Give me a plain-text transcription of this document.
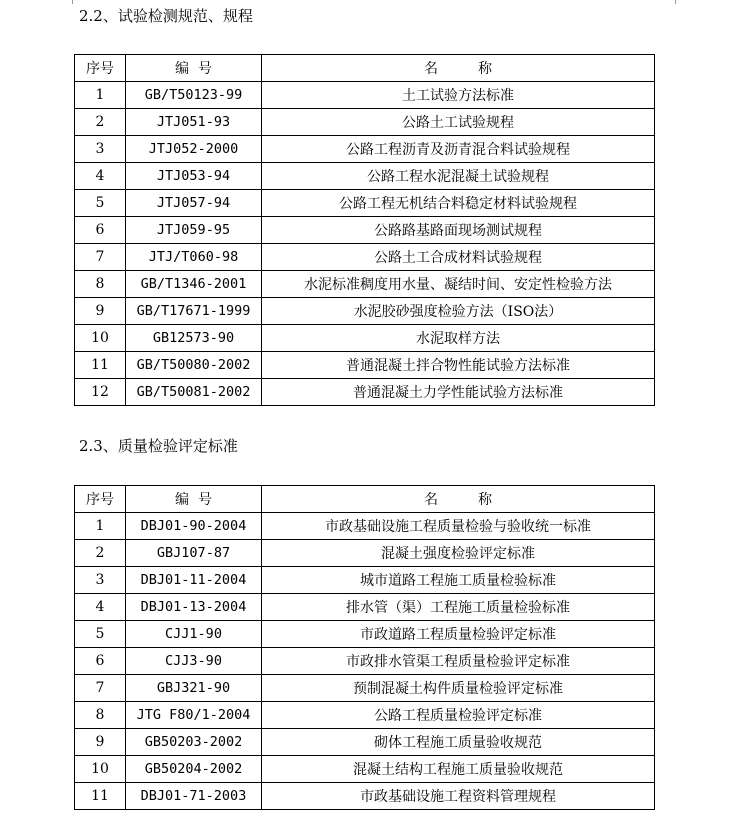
2.2、试验检测规范、规程
序号	编  号	名         称
1	GB/T50123-99	土工试验方法标准
2	JTJ051-93	公路土工试验规程
3	JTJ052-2000	公路工程沥青及沥青混合料试验规程
4	JTJ053-94	公路工程水泥混凝土试验规程
5	JTJ057-94	公路工程无机结合料稳定材料试验规程
6	JTJ059-95	公路路基路面现场测试规程
7	JTJ/T060-98	公路土工合成材料试验规程
8	GB/T1346-2001	水泥标准稠度用水量、凝结时间、安定性检验方法
9	GB/T17671-1999	水泥胶砂强度检验方法（ISO法）
10	GB12573-90	水泥取样方法
11	GB/T50080-2002	普通混凝土拌合物性能试验方法标准
12	GB/T50081-2002	普通混凝土力学性能试验方法标准
2.3、质量检验评定标准
序号	编  号	名         称
1	DBJ01-90-2004	市政基础设施工程质量检验与验收统一标准
2	GBJ107-87	混凝土强度检验评定标准
3	DBJ01-11-2004	城市道路工程施工质量检验标准
4	DBJ01-13-2004	排水管（渠）工程施工质量检验标准
5	CJJ1-90	市政道路工程质量检验评定标准
6	CJJ3-90	市政排水管渠工程质量检验评定标准
7	GBJ321-90	预制混凝土构件质量检验评定标准
8	JTG F80/1-2004	公路工程质量检验评定标准
9	GB50203-2002	砌体工程施工质量验收规范
10	GB50204-2002	混凝土结构工程施工质量验收规范
11	DBJ01-71-2003	市政基础设施工程资料管理规程
